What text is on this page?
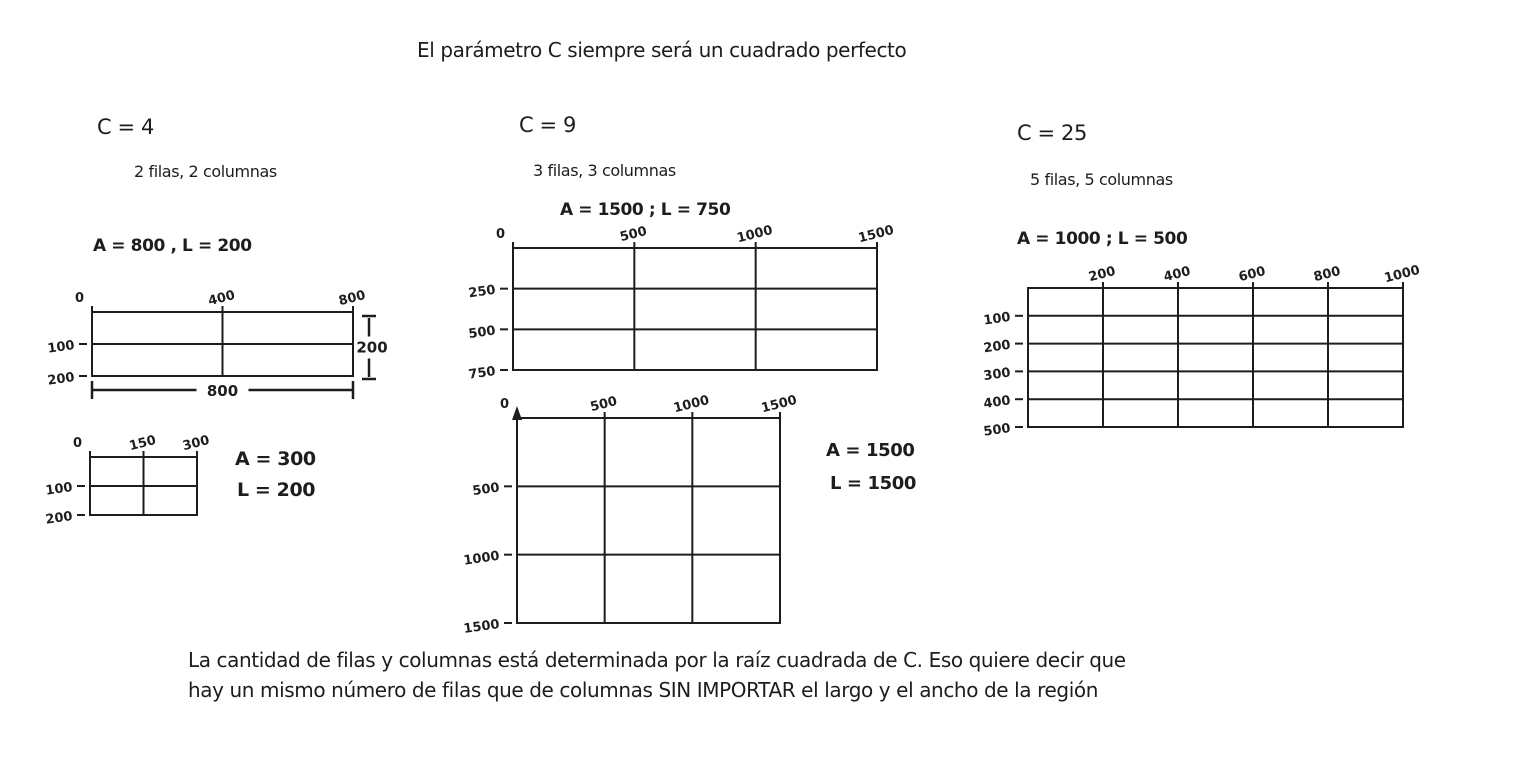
El parámetro C siempre será un cuadrado perfecto
C = 4
2 filas, 2 columnas
A = 800 , L = 200
C = 9
3 filas, 3 columnas
A = 1500 ; L = 750
C = 25
5 filas, 5 columnas
A = 1000 ; L = 500
A = 300
L = 200
A = 1500
L = 1500
La cantidad de filas y columnas está determinada por la raíz cuadrada de C. Eso quiere decir que
hay un mismo número de filas que de columnas SIN IMPORTAR el largo y el ancho de la región
0	400	800
100
200
0	150 300
100
200
0	500	1000	1500
250
500
750
0	500	1000	1500
500
1000
1500
200	400	600	800	1000
100
200
300
400
500
800
200
